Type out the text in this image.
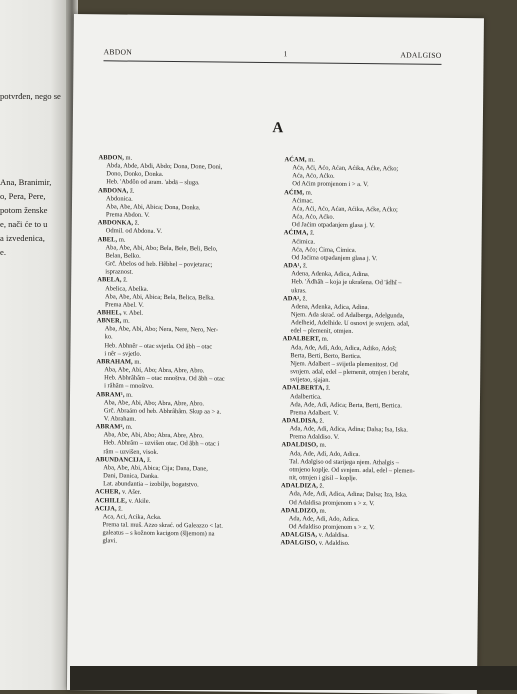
potvrđen, nego se
Ana, Branimir,
o, Pera, Pere,
potom ženske
e, nači će to u
a izvedenica,
e.
ABDON	1	ADALGISO
A
ABDON, m.
Abda, Abde, Abdi, Abdo; Dona, Done, Doni,
Dono, Donko, Donka.
Heb. 'Abdôn od aram. 'abdā – sluga.
ABDONA, ž.
Abdonica.
Aba, Abe, Abi, Abica; Dona, Donka.
Prema Abdon. V.
ABDONKA, ž.
Odmil. od Abdona. V.
ABEL, m.
Aba, Abe, Abi, Abo; Bela, Bele, Beli, Belo,
Belan, Belko.
Grč. Ábelos od heb. Hêbhel – povjetarac;
ispraznost.
ABELA, ž.
Abelica, Abelka.
Aba, Abe, Abi, Abica; Bela, Belica, Belka.
Prema Abel. V.
ABHEL, v. Abel.
ABNER, m.
Aba, Abe, Abi, Abo; Nera, Nere, Nero, Ner-
ko.
Heb. Abhnêr – otac svjetla. Od âbh – otac
i nêr – svjetlo.
ABRAHAM, m.
Aba, Abe, Abi, Abo; Abra, Abre, Abro.
Heb. Abhrâhâm – otac mnoštva. Od âbh – otac
i râhâm – mnoštvo.
ABRAM¹, m.
Aba, Abe, Abi, Abo; Abra, Abre, Abro.
Grč. Abraám od heb. Abhrâhâm. Skup aa > a.
V. Abraham.
ABRAM², m.
Aba, Abe, Abi, Abo; Abra, Abre, Abro.
Heb. Abhrâm – uzvišen otac. Od âbh – otac i
râm – uzvišen, visok.
ABUNDANCIJA, ž.
Aba, Abe, Abi, Abica; Cija; Dana, Dane,
Dani, Danica, Danka.
Lat. abundantia – izobilje, bogatstvo.
ACHER, v. Ašer.
ACHILLE, v. Akile.
ACIJA, ž.
Aca, Aci, Acika, Acka.
Prema tal. muš. Azzo skrać. od Galeazzo < lat.
galeatus – s kožnom kacigom (šljemom) na
glavi.
AĆAM, m.
Aća, Aći, Aćo, Aćan, Aćika, Aćke, Aćko;
Aća, Aćo, Aćko.
Od Aćim promjenom i > a. V.
AĆIM, m.
Aćimac.
Aća, Aći, Aćo, Aćan, Aćika, Aćke, Aćko;
Aća, Aćo, Aćko.
Od Jaćim otpadanjem glasa j. V.
AĆIMA, ž.
Aćimica.
Aća, Aćo; Ćima, Ćimica.
Od Jaćima otpadanjem glasa j. V.
ADA¹, ž.
Adena, Adenka, Adica, Adina.
Heb. 'Âdhâh – koja je ukrašena. Od 'âdhî –
ukras.
ADA², ž.
Adena, Adenka, Adica, Adina.
Njem. Ada skrać. od Adalberga, Adelgunda,
Adelheid, Adelhide. U osnovi je svnjem. adal,
edel – plemenit, otmjen.
ADALBERT, m.
Ada, Ade, Adi, Ado, Adica, Adiko, Adoš;
Berta, Berti, Berto, Bertica.
Njem. Adalbert – svijetla plemenitost. Od
svnjem. adal, edel – plemenit, otmjen i beraht,
svijetao, sjajan.
ADALBERTA, ž.
Adalbertica.
Ada, Ade, Adi, Adica; Berta, Berti, Bertica.
Prema Adalbert. V.
ADALDISA, ž.
Ada, Ade, Adi, Adica, Adina; Dalsa; Isa, Iska.
Prema Adaldiso. V.
ADALDISO, m.
Ada, Ade, Adi, Ado, Adica.
Tal. Adalgiso od starijega njem. Athalgis –
otmjeno koplje. Od svnjem. adal, edel – plemen-
nit, otmjen i gisil – koplje.
ADALDIZA, ž.
Ada, Ade, Adi, Adica, Adina; Dalsa; Iza, Iska.
Od Adaldisa promjenom s > z. V.
ADALDIZO, m.
Ada, Ade, Adi, Ado, Adica.
Od Adaldiso promjenom s > z. V.
ADALGISA, v. Adaldisa.
ADALGISO, v. Adaldiso.
